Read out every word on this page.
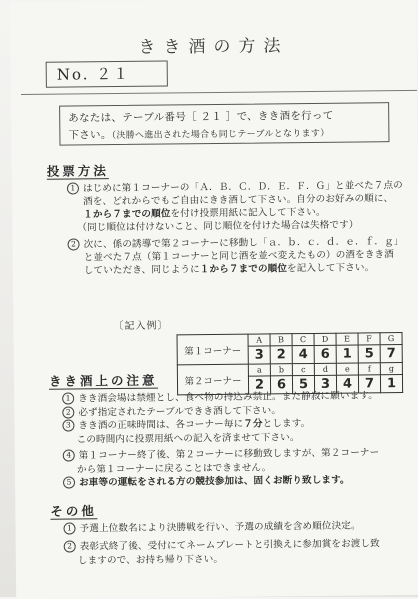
きき酒の方法
No. ２１
あなたは、テーブル番号［ ２１ ］で、きき酒を行って
下さい。（決勝へ進出された場合も同じテーブルとなります）
投票方法
1 はじめに第１コーナーの「Ａ．Ｂ．Ｃ．Ｄ．Ｅ．Ｆ．Ｇ」と並べた７点の
酒を、どれからでもご自由にきき酒して下さい。自分のお好みの順に、
１から７までの順位を付け投票用紙に記入して下さい。
（同じ順位は付けないこと、同じ順位を付けた場合は失格です）
2 次に、係の誘導で第２コーナーに移動し「ａ．ｂ．ｃ．ｄ．ｅ．ｆ．ｇ」
と並べた７点（第１コーナーと同じ酒を並べ変えたもの）の酒をきき酒
していただき、同じように１から７までの順位を記入して下さい。
〔記入例〕
第１コーナー	A	B	C	D	E	F	G
	3	2	4	6	1	5	7
第２コーナー	a	b	c	d	e	f	g
	2	6	5	3	4	7	1
きき酒上の注意
1 きき酒会場は禁煙とし、食べ物の持込み禁止。また静寂に願います。
2 必ず指定されたテーブルできき酒して下さい。
3 きき酒の正味時間は、各コーナー毎に７分とします。
この時間内に投票用紙への記入を済ませて下さい。
4 第１コーナー終了後、第２コーナーに移動致しますが、第２コーナー
から第１コーナーに戻ることはできません。
5 お車等の運転をされる方の競技参加は、固くお断り致します。
その他
1 予選上位数名により決勝戦を行い、予選の成績を含め順位決定。
2 表彰式終了後、受付にてネームプレートと引換えに参加賞をお渡し致
しますので、お持ち帰り下さい。
